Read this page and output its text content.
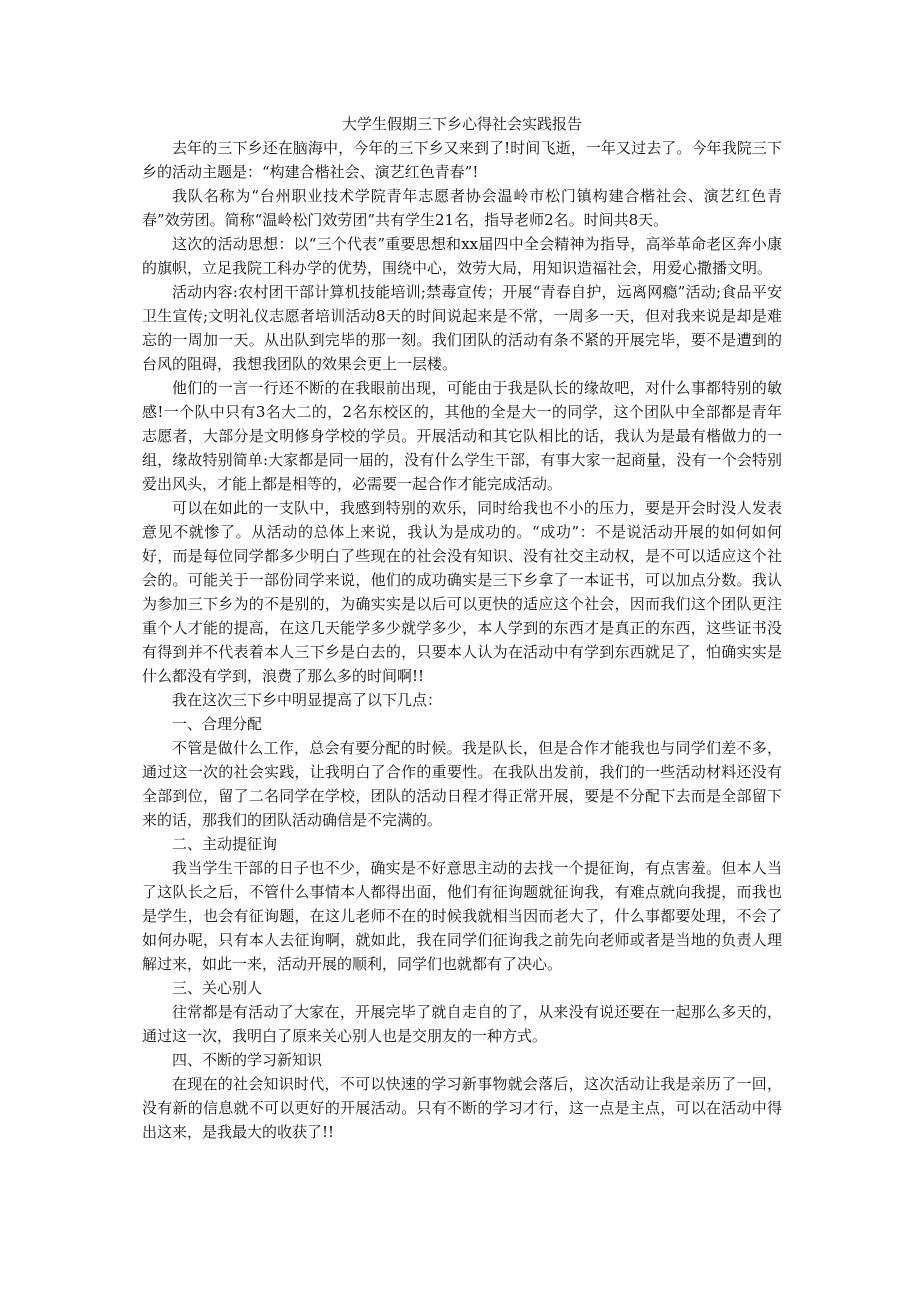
大学生假期三下乡心得社会实践报告

去年的三下乡还在脑海中，今年的三下乡又来到了!时间飞逝，一年又过去了。今年我院三下乡的活动主题是：“构建合楷社会、演艺红色青春”!

我队名称为“台州职业技术学院青年志愿者协会温岭市松门镇构建合楷社会、演艺红色青春”效劳团。简称“温岭松门效劳团”共有学生21名，指导老师2名。时间共8天。

这次的活动思想：以“三个代表”重要思想和xx届四中全会精神为指导，高举革命老区奔小康的旗帜，立足我院工科办学的优势，围绕中心，效劳大局，用知识造福社会，用爱心撒播文明。

活动内容:农村团干部计算机技能培训;禁毒宣传；开展“青春自护，远离网瘾”活动;食品平安卫生宣传;文明礼仪志愿者培训活动8天的时间说起来是不常，一周多一天，但对我来说是却是难忘的一周加一天。从出队到完毕的那一刻。我们团队的活动有条不紧的开展完毕，要不是遭到的台风的阻碍，我想我团队的效果会更上一层楼。

他们的一言一行还不断的在我眼前出现，可能由于我是队长的缘故吧，对什么事都特别的敏感!一个队中只有3名大二的，2名东校区的，其他的全是大一的同学，这个团队中全部都是青年志愿者，大部分是文明修身学校的学员。开展活动和其它队相比的话，我认为是最有楷做力的一组，缘故特别简单:大家都是同一届的，没有什么学生干部，有事大家一起商量，没有一个会特别爱出风头，才能上都是相等的，必需要一起合作才能完成活动。

可以在如此的一支队中，我感到特别的欢乐，同时给我也不小的压力，要是开会时没人发表意见不就惨了。从活动的总体上来说，我认为是成功的。“成功”：不是说活动开展的如何如何好，而是每位同学都多少明白了些现在的社会没有知识、没有社交主动权，是不可以适应这个社会的。可能关于一部份同学来说，他们的成功确实是三下乡拿了一本证书，可以加点分数。我认为参加三下乡为的不是别的，为确实实是以后可以更快的适应这个社会，因而我们这个团队更注重个人才能的提高，在这几天能学多少就学多少，本人学到的东西才是真正的东西，这些证书没有得到并不代表着本人三下乡是白去的，只要本人认为在活动中有学到东西就足了，怕确实实是什么都没有学到，浪费了那么多的时间啊!!

我在这次三下乡中明显提高了以下几点：

一、合理分配

不管是做什么工作，总会有要分配的时候。我是队长，但是合作才能我也与同学们差不多，通过这一次的社会实践，让我明白了合作的重要性。在我队出发前，我们的一些活动材料还没有全部到位，留了二名同学在学校，团队的活动日程才得正常开展，要是不分配下去而是全部留下来的话，那我们的团队活动确信是不完满的。

二、主动提征询

我当学生干部的日子也不少，确实是不好意思主动的去找一个提征询，有点害羞。但本人当了这队长之后，不管什么事情本人都得出面，他们有征询题就征询我，有难点就向我提，而我也是学生，也会有征询题，在这儿老师不在的时候我就相当因而老大了，什么事都要处理，不会了如何办呢，只有本人去征询啊，就如此，我在同学们征询我之前先向老师或者是当地的负责人理解过来，如此一来，活动开展的顺利，同学们也就都有了决心。

三、关心别人

往常都是有活动了大家在，开展完毕了就自走自的了，从来没有说还要在一起那么多天的，通过这一次，我明白了原来关心别人也是交朋友的一种方式。

四、不断的学习新知识

在现在的社会知识时代，不可以快速的学习新事物就会落后，这次活动让我是亲历了一回，没有新的信息就不可以更好的开展活动。只有不断的学习才行，这一点是主点，可以在活动中得出这来，是我最大的收获了!!
